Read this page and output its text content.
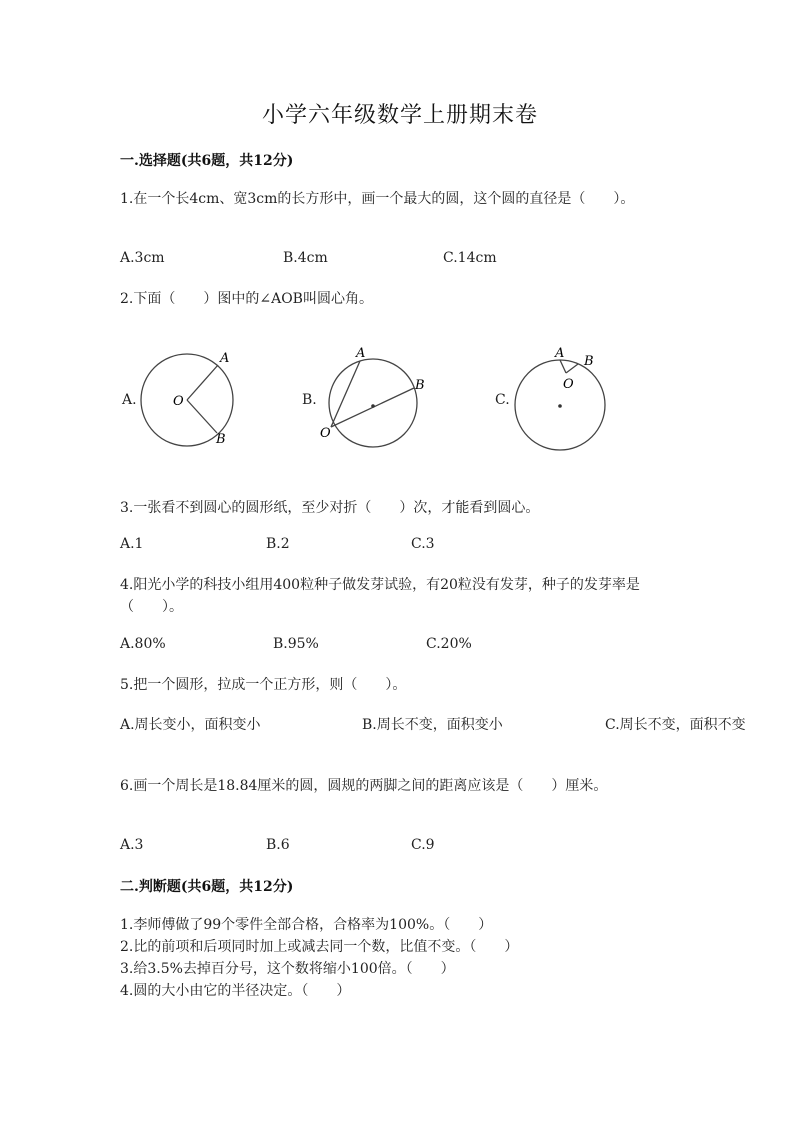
小学六年级数学上册期末卷
一.选择题(共6题，共12分)
1.在一个长4cm、宽3cm的长方形中，画一个最大的圆，这个圆的直径是（　　）。
A.3cm	B.4cm	C.14cm
2.下面（　　）图中的∠AOB叫圆心角。
A.
A
O
B
B.
A
B
O
C.
A
B
O
3.一张看不到圆心的圆形纸，至少对折（　　）次，才能看到圆心。
A.1	B.2	C.3
4.阳光小学的科技小组用400粒种子做发芽试验，有20粒没有发芽，种子的发芽率是（　　）。
A.80%	B.95%	C.20%
5.把一个圆形，拉成一个正方形，则（　　）。
A.周长变小，面积变小	B.周长不变，面积变小	C.周长不变，面积不变
6.画一个周长是18.84厘米的圆，圆规的两脚之间的距离应该是（　　）厘米。
A.3	B.6	C.9
二.判断题(共6题，共12分)
1.李师傅做了99个零件全部合格，合格率为100%。（　　）
2.比的前项和后项同时加上或减去同一个数，比值不变。（　　）
3.给3.5%去掉百分号，这个数将缩小100倍。（　　）
4.圆的大小由它的半径决定。（　　）
